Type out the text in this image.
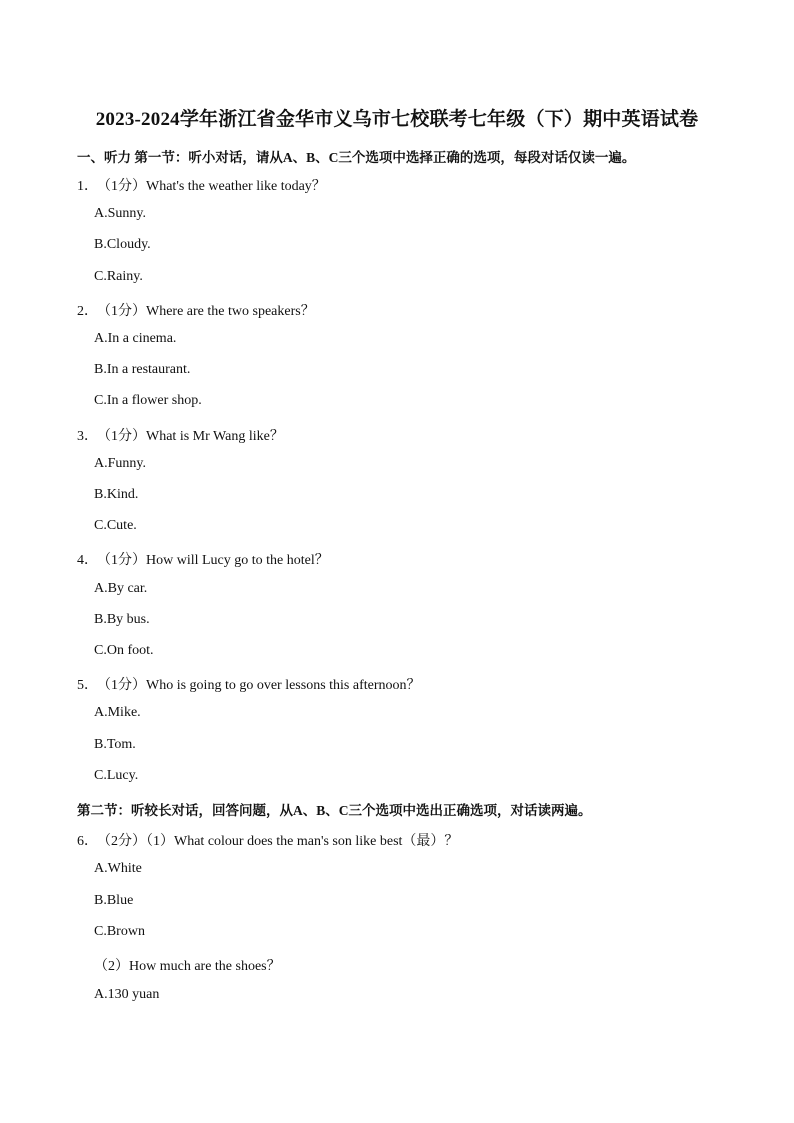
2023-2024学年浙江省金华市义乌市七校联考七年级（下）期中英语试卷
一、听力 第一节：听小对话，请从A、B、C三个选项中选择正确的选项，每段对话仅读一遍。
1．（1分）What's the weather like today？
A.Sunny.
B.Cloudy.
C.Rainy.
2．（1分）Where are the two speakers？
A.In a cinema.
B.In a restaurant.
C.In a flower shop.
3．（1分）What is Mr Wang like？
A.Funny.
B.Kind.
C.Cute.
4．（1分）How will Lucy go to the hotel？
A.By car.
B.By bus.
C.On foot.
5．（1分）Who is going to go over lessons this afternoon？
A.Mike.
B.Tom.
C.Lucy.
第二节：听较长对话，回答问题，从A、B、C三个选项中选出正确选项，对话读两遍。
6．（2分）（1）What colour does the man's son like best（最）？
A.White
B.Blue
C.Brown
（2）How much are the shoes？
A.130 yuan
